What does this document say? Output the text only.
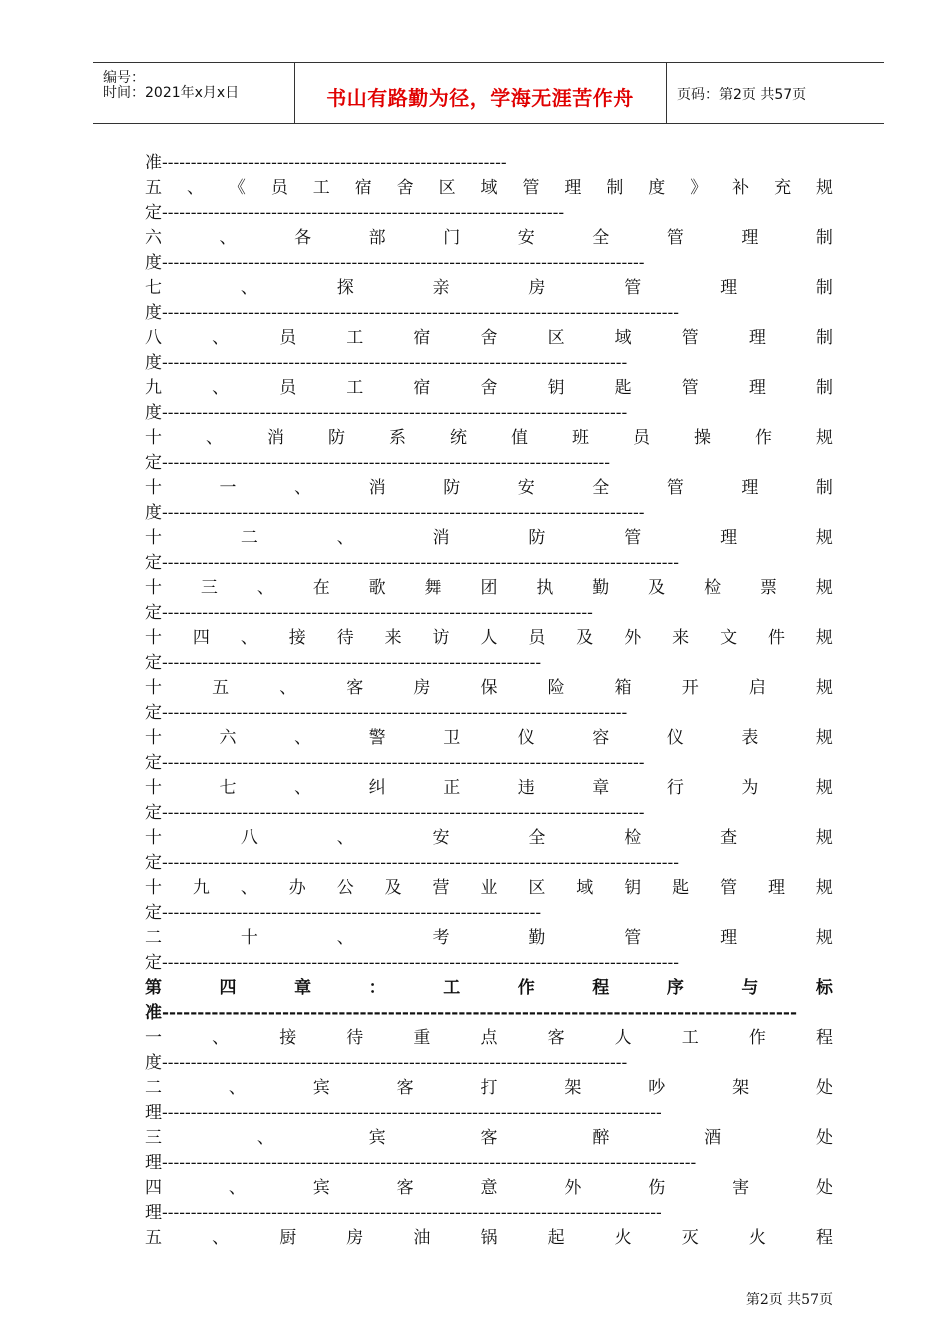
编号：
时间：2021年x月x日	书山有路勤为径，学海无涯苦作舟	页码：第2页 共57页
准------------------------------------------------------------
五 、 《 员 工 宿 舍 区 域 管 理 制 度 》 补 充 规
定----------------------------------------------------------------------
六	、	各	部	门	安	全	管	理	制
度------------------------------------------------------------------------------------
七	、	探	亲	房	管	理	制
度------------------------------------------------------------------------------------------
八	、	员	工	宿	舍	区	域	管	理	制
度---------------------------------------------------------------------------------
九	、	员	工	宿	舍	钥	匙	管	理	制
度---------------------------------------------------------------------------------
十	、	消	防	系	统	值	班	员	操	作	规
定------------------------------------------------------------------------------
十	一	、	消	防	安	全	管	理	制
度------------------------------------------------------------------------------------
十	二	、	消	防	管	理	规
定------------------------------------------------------------------------------------------
十 三 、 在 歌 舞 团 执 勤 及 检 票 规
定---------------------------------------------------------------------------
十 四 、 接 待 来 访 人 员 及 外 来 文 件 规
定------------------------------------------------------------------
十	五	、	客	房	保	险	箱	开	启	规
定---------------------------------------------------------------------------------
十	六	、	警	卫	仪	容	仪	表	规
定------------------------------------------------------------------------------------
十	七	、	纠	正	违	章	行	为	规
定------------------------------------------------------------------------------------
十	八	、	安	全	检	查	规
定------------------------------------------------------------------------------------------
十 九 、 办 公 及 营 业 区 域 钥 匙 管 理 规
定------------------------------------------------------------------
二	十	、	考	勤	管	理	规
定------------------------------------------------------------------------------------------
第	四	章	：	工	作	程	序	与	标
准------------------------------------------------------------------------------------------
一	、	接	待	重	点	客	人	工	作	程
度---------------------------------------------------------------------------------
二	、	宾	客	打	架	吵	架	处
理---------------------------------------------------------------------------------------
三	、	宾	客	醉	酒	处
理---------------------------------------------------------------------------------------------
四	、	宾	客	意	外	伤	害	处
理---------------------------------------------------------------------------------------
五	、	厨	房	油	锅	起	火	灭	火	程
第2页 共57页
